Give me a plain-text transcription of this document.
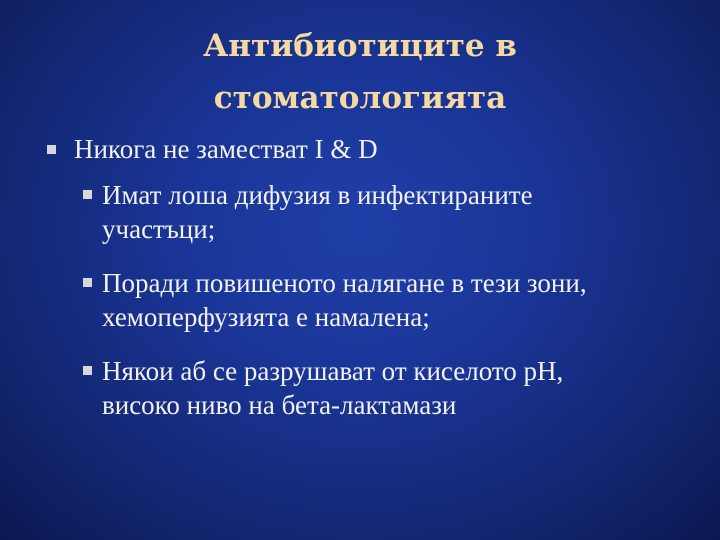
Антибиотиците в
стоматологията
Никога не заместват I & D
Имат лоша дифузия в инфектираните
участъци;
Поради повишеното налягане в тези зони,
хемоперфузията е намалена;
Някои аб се разрушават от киселото pH,
високо ниво на бета-лактамази
